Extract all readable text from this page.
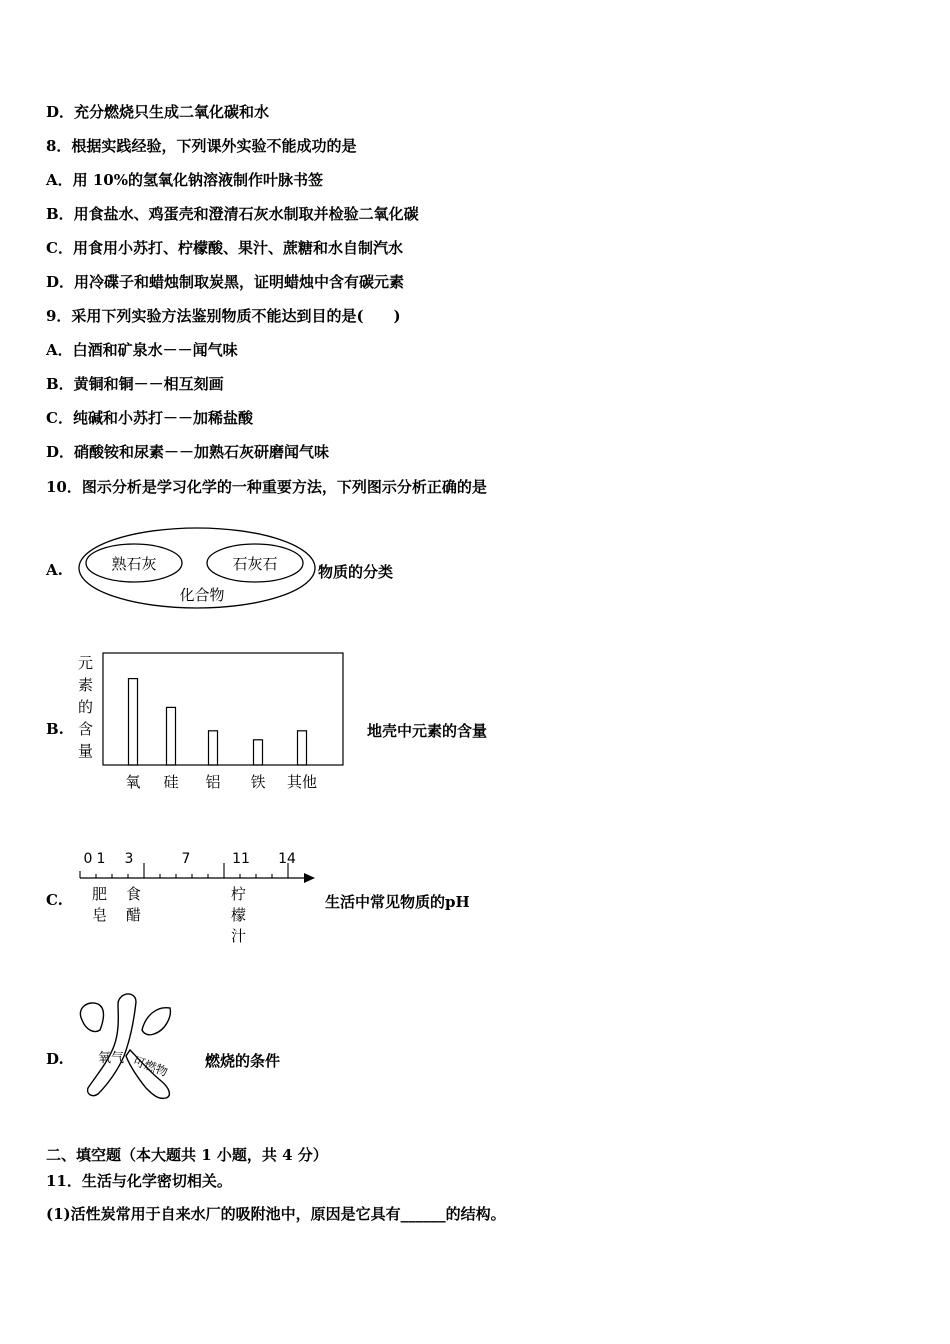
D．充分燃烧只生成二氧化碳和水
8．根据实践经验，下列课外实验不能成功的是
A．用 10%的氢氧化钠溶液制作叶脉书签
B．用食盐水、鸡蛋壳和澄清石灰水制取并检验二氧化碳
C．用食用小苏打、柠檬酸、果汁、蔗糖和水自制汽水
D．用冷碟子和蜡烛制取炭黑，证明蜡烛中含有碳元素
9．采用下列实验方法鉴别物质不能达到目的是(　　)
A．白酒和矿泉水－－闻气味
B．黄铜和铜－－相互刻画
C．纯碱和小苏打－－加稀盐酸
D．硝酸铵和尿素－－加熟石灰研磨闻气味
10．图示分析是学习化学的一种重要方法，下列图示分析正确的是
A.	熟石灰	石灰石
化合物
物质的分类
B.
元素的含量
氧 硅 铝 铁 其他
地壳中元素的含量
C.
0 1 3	7	11 14
肥皂
食醋
柠檬汁
生活中常见物质的pH
D.	氧气 可燃物 燃烧的条件
二、填空题（本大题共 1 小题，共 4 分）
11．生活与化学密切相关。
(1)活性炭常用于自来水厂的吸附池中，原因是它具有______的结构。
